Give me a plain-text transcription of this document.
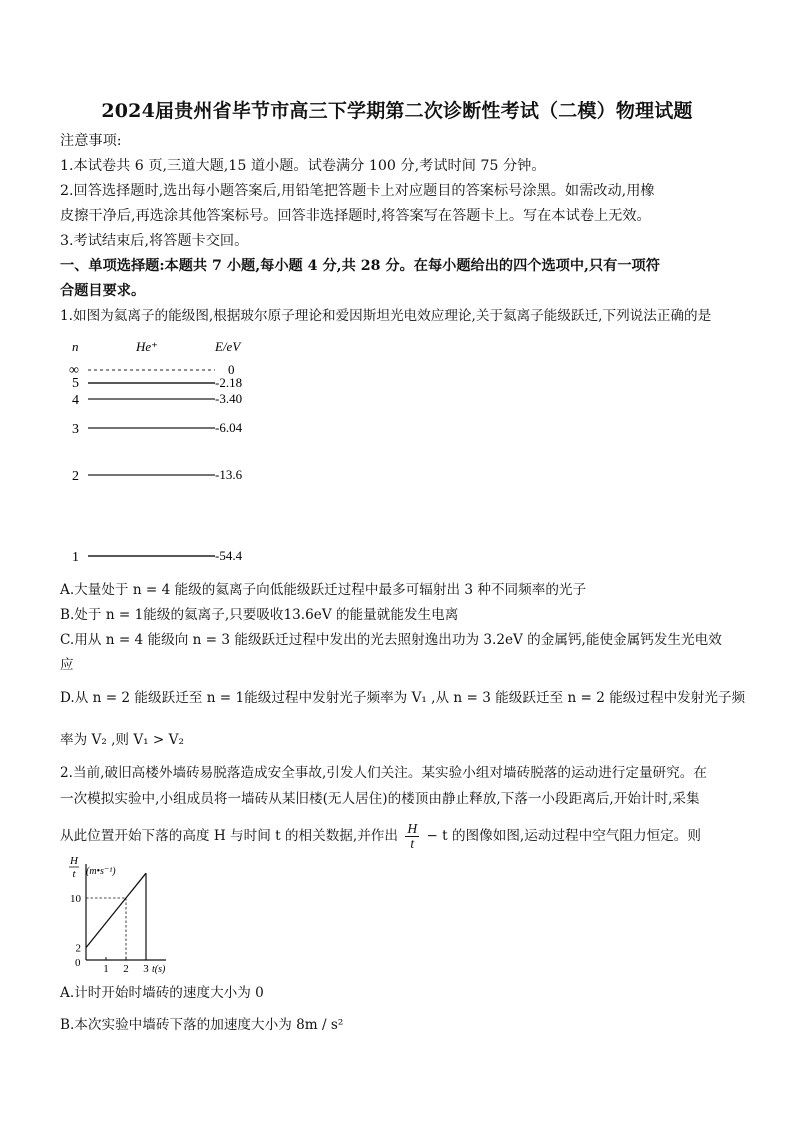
2024届贵州省毕节市高三下学期第二次诊断性考试（二模）物理试题
注意事项:
1.本试卷共 6 页,三道大题,15 道小题。试卷满分 100 分,考试时间 75 分钟。
2.回答选择题时,选出每小题答案后,用铅笔把答题卡上对应题目的答案标号涂黑。如需改动,用橡
皮擦干净后,再选涂其他答案标号。回答非选择题时,将答案写在答题卡上。写在本试卷上无效。
3.考试结束后,将答题卡交回。
一、单项选择题:本题共 7 小题,每小题 4 分,共 28 分。在每小题给出的四个选项中,只有一项符
合题目要求。
1.如图为氦离子的能级图,根据玻尔原子理论和爱因斯坦光电效应理论,关于氦离子能级跃迁,下列说法正确的是
n	He⁺	E/eV
∞	0
5	-2.18
4	-3.40
3	-6.04
2	-13.6
1	-54.4
A.大量处于 n = 4 能级的氦离子向低能级跃迁过程中最多可辐射出 3 种不同频率的光子
B.处于 n = 1能级的氦离子,只要吸收13.6eV 的能量就能发生电离
C.用从 n = 4 能级向 n = 3 能级跃迁过程中发出的光去照射逸出功为 3.2eV 的金属钙,能使金属钙发生光电效
应
D.从 n = 2 能级跃迁至 n = 1能级过程中发射光子频率为 V₁ ,从 n = 3 能级跃迁至 n = 2 能级过程中发射光子频
率为 V₂ ,则 V₁ > V₂
2.当前,破旧高楼外墙砖易脱落造成安全事故,引发人们关注。某实验小组对墙砖脱落的运动进行定量研究。在
一次模拟实验中,小组成员将一墙砖从某旧楼(无人居住)的楼顶由静止释放,下落一小段距离后,开始计时,采集
从此位置开始下落的高度 H 与时间 t 的相关数据,并作出 $\frac{H}{t} - t$ 的图像如图,运动过程中空气阻力恒定。则
H
t (m•s⁻¹)
t(s)
0 1 2 3
2
10
A.计时开始时墙砖的速度大小为 0
B.本次实验中墙砖下落的加速度大小为 8m / s²
